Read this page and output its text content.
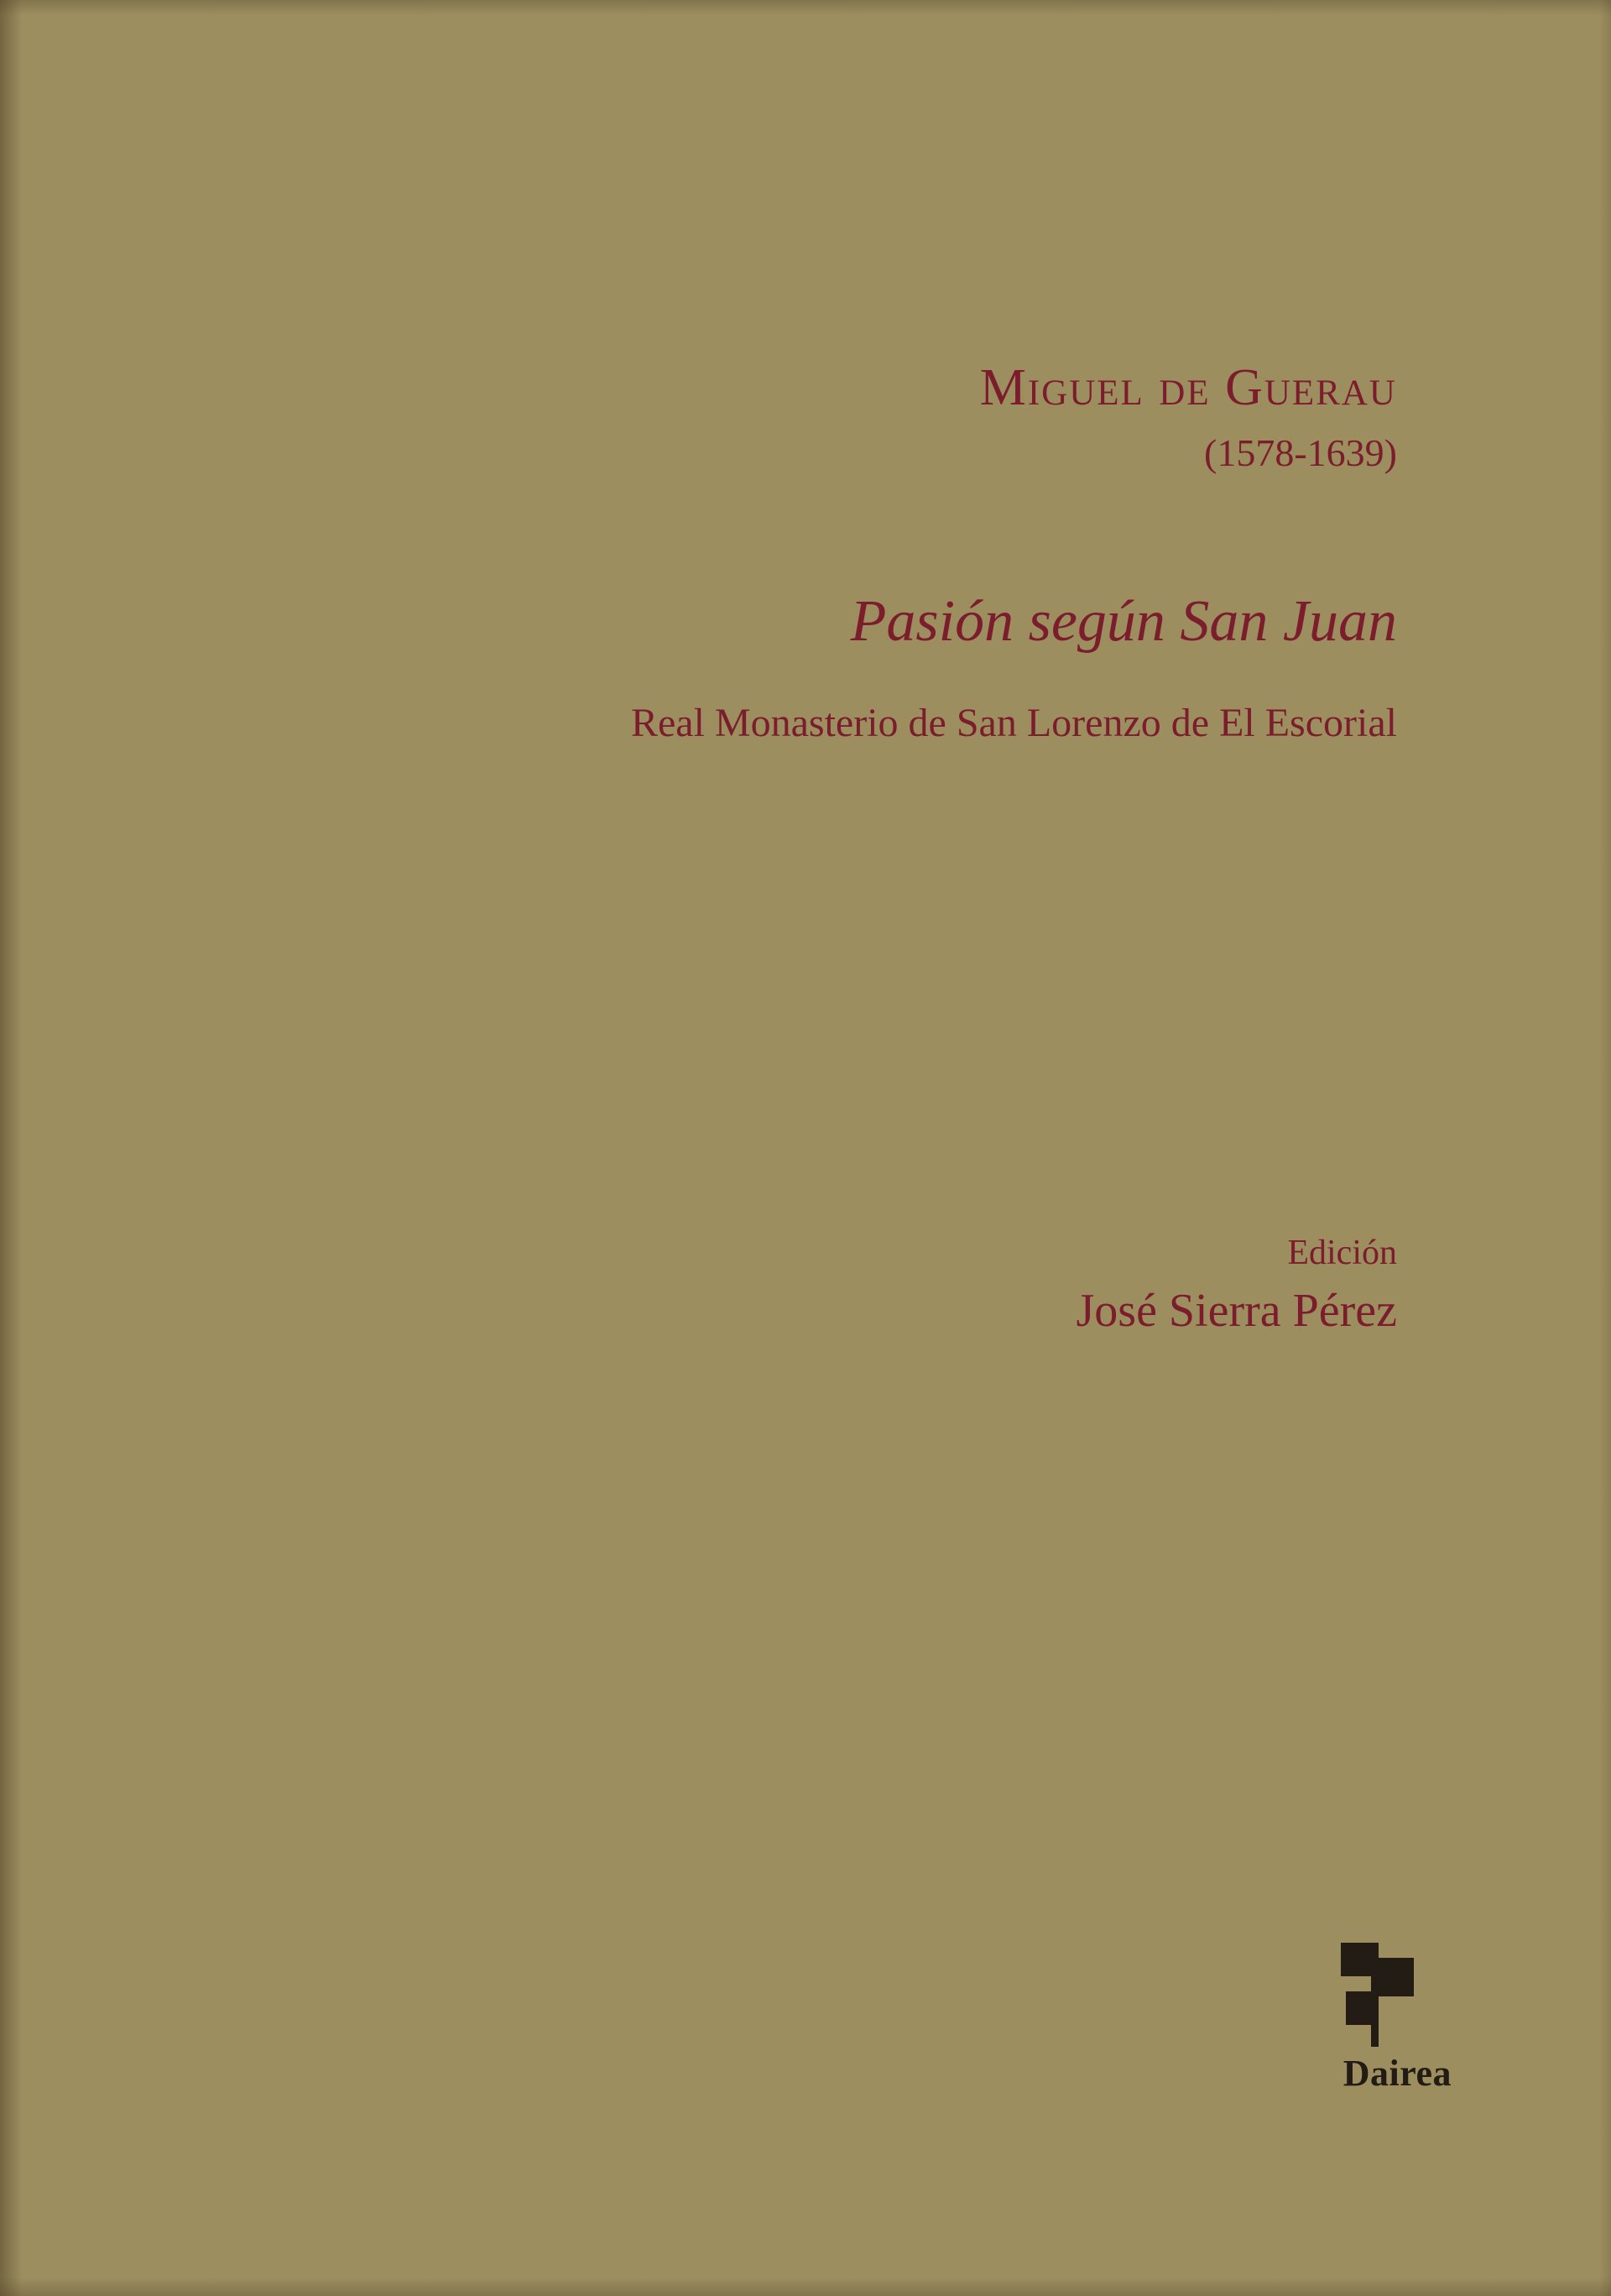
Miguel de Guerau
(1578-1639)
Pasión según San Juan
Real Monasterio de San Lorenzo de El Escorial
Edición
José Sierra Pérez
Dairea
